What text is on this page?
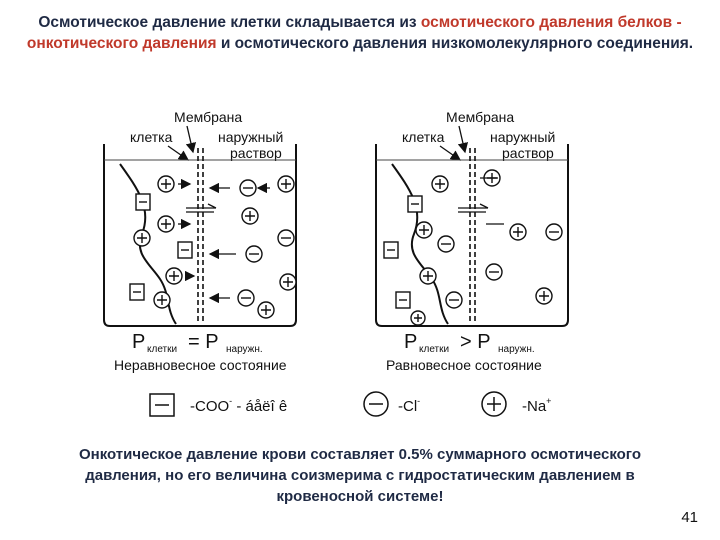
Осмотическое давление клетки складывается из осмотического давления белков - онкотического давления и осмотического давления низкомолекулярного соединения.
Мембрана
клетка	наружный
раствор
P клетки = P наружн.
Неравновесное состояние
Мембрана
клетка	наружный
раствор
P клетки > P наружн.
Равновесное состояние
-COO- - áåëî ê	-Cl-	-Na+
Онкотическое давление крови составляет 0.5% суммарного осмотического давления, но его величина соизмерима с гидростатическим давлением в кровеносной системе!
41
